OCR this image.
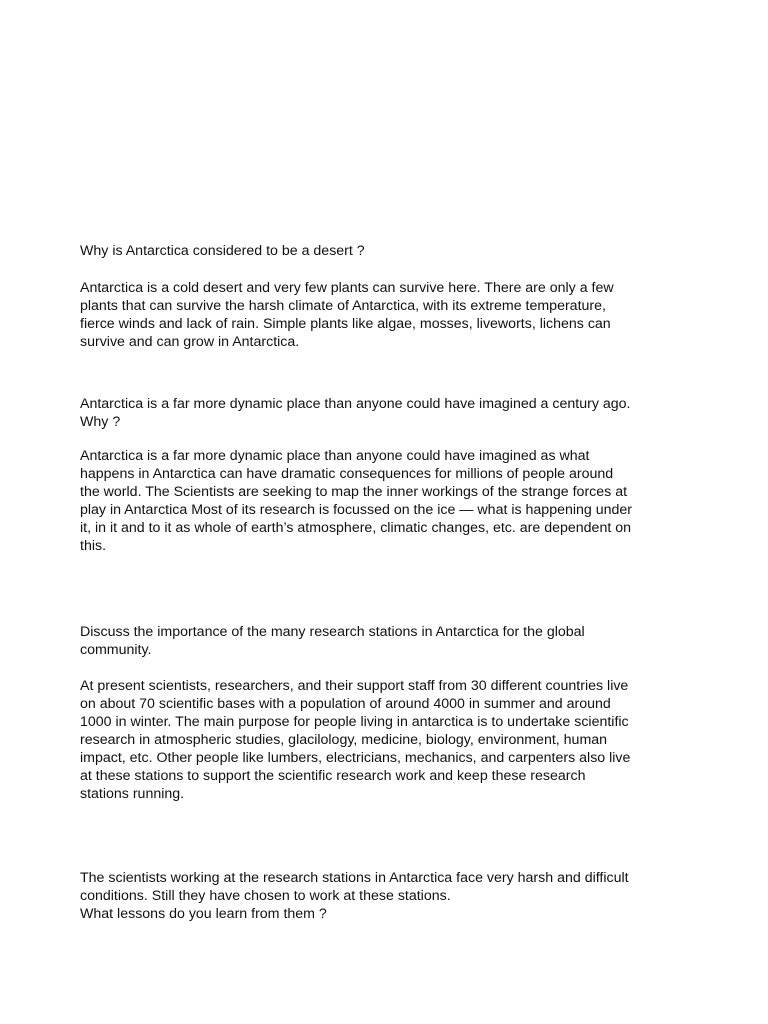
Why is Antarctica considered to be a desert ?
Antarctica is a cold desert and very few plants can survive here. There are only a few
plants that can survive the harsh climate of Antarctica, with its extreme temperature,
fierce winds and lack of rain. Simple plants like algae, mosses, liveworts, lichens can
survive and can grow in Antarctica.
Antarctica is a far more dynamic place than anyone could have imagined a century ago.
Why ?
Antarctica is a far more dynamic place than anyone could have imagined as what
happens in Antarctica can have dramatic consequences for millions of people around
the world. The Scientists are seeking to map the inner workings of the strange forces at
play in Antarctica Most of its research is focussed on the ice — what is happening under
it, in it and to it as whole of earth’s atmosphere, climatic changes, etc. are dependent on
this.
Discuss the importance of the many research stations in Antarctica for the global
community.
At present scientists, researchers, and their support staff from 30 different countries live
on about 70 scientific bases with a population of around 4000 in summer and around
1000 in winter. The main purpose for people living in antarctica is to undertake scientific
research in atmospheric studies, glacilology, medicine, biology, environment, human
impact, etc. Other people like lumbers, electricians, mechanics, and carpenters also live
at these stations to support the scientific research work and keep these research
stations running.
The scientists working at the research stations in Antarctica face very harsh and difficult
conditions. Still they have chosen to work at these stations.
What lessons do you learn from them ?
